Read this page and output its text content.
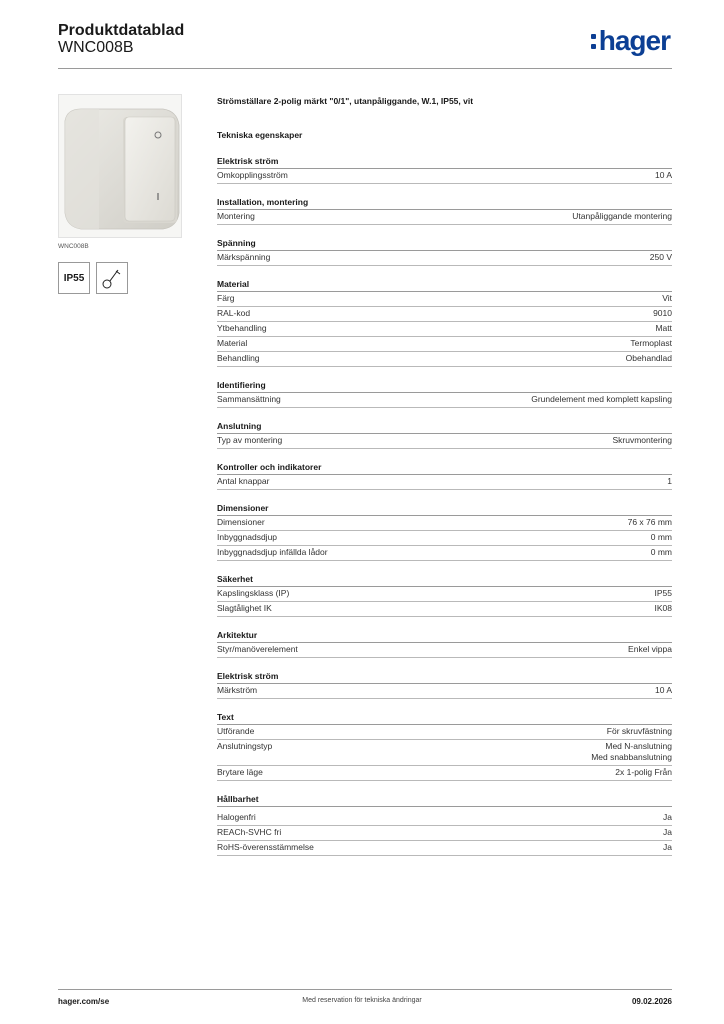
Produktdatablad
WNC008B	hager
WNC008B
IP55
Strömställare 2-polig märkt "0/1", utanpåliggande, W.1, IP55, vit
Tekniska egenskaper
Elektrisk ström
Omkopplingsström	10 A
Installation, montering
Montering	Utanpåliggande montering
Spänning
Märkspänning	250 V
Material
Färg	Vit
RAL-kod	9010
Ytbehandling	Matt
Material	Termoplast
Behandling	Obehandlad
Identifiering
Sammansättning	Grundelement med komplett kapsling
Anslutning
Typ av montering	Skruvmontering
Kontroller och indikatorer
Antal knappar	1
Dimensioner
Dimensioner	76 x 76 mm
Inbyggnadsdjup	0 mm
Inbyggnadsdjup infällda lådor	0 mm
Säkerhet
Kapslingsklass (IP)	IP55
Slagtålighet IK	IK08
Arkitektur
Styr/manöverelement	Enkel vippa
Elektrisk ström
Märkström	10 A
Text
Utförande	För skruvfästning
Anslutningstyp	Med N-anslutning
Med snabbanslutning
Brytare läge	2x 1-polig Från
Hållbarhet
Halogenfri	Ja
REACh-SVHC fri	Ja
RoHS-överensstämmelse	Ja
hager.com/se	Med reservation för tekniska ändringar	09.02.2026
